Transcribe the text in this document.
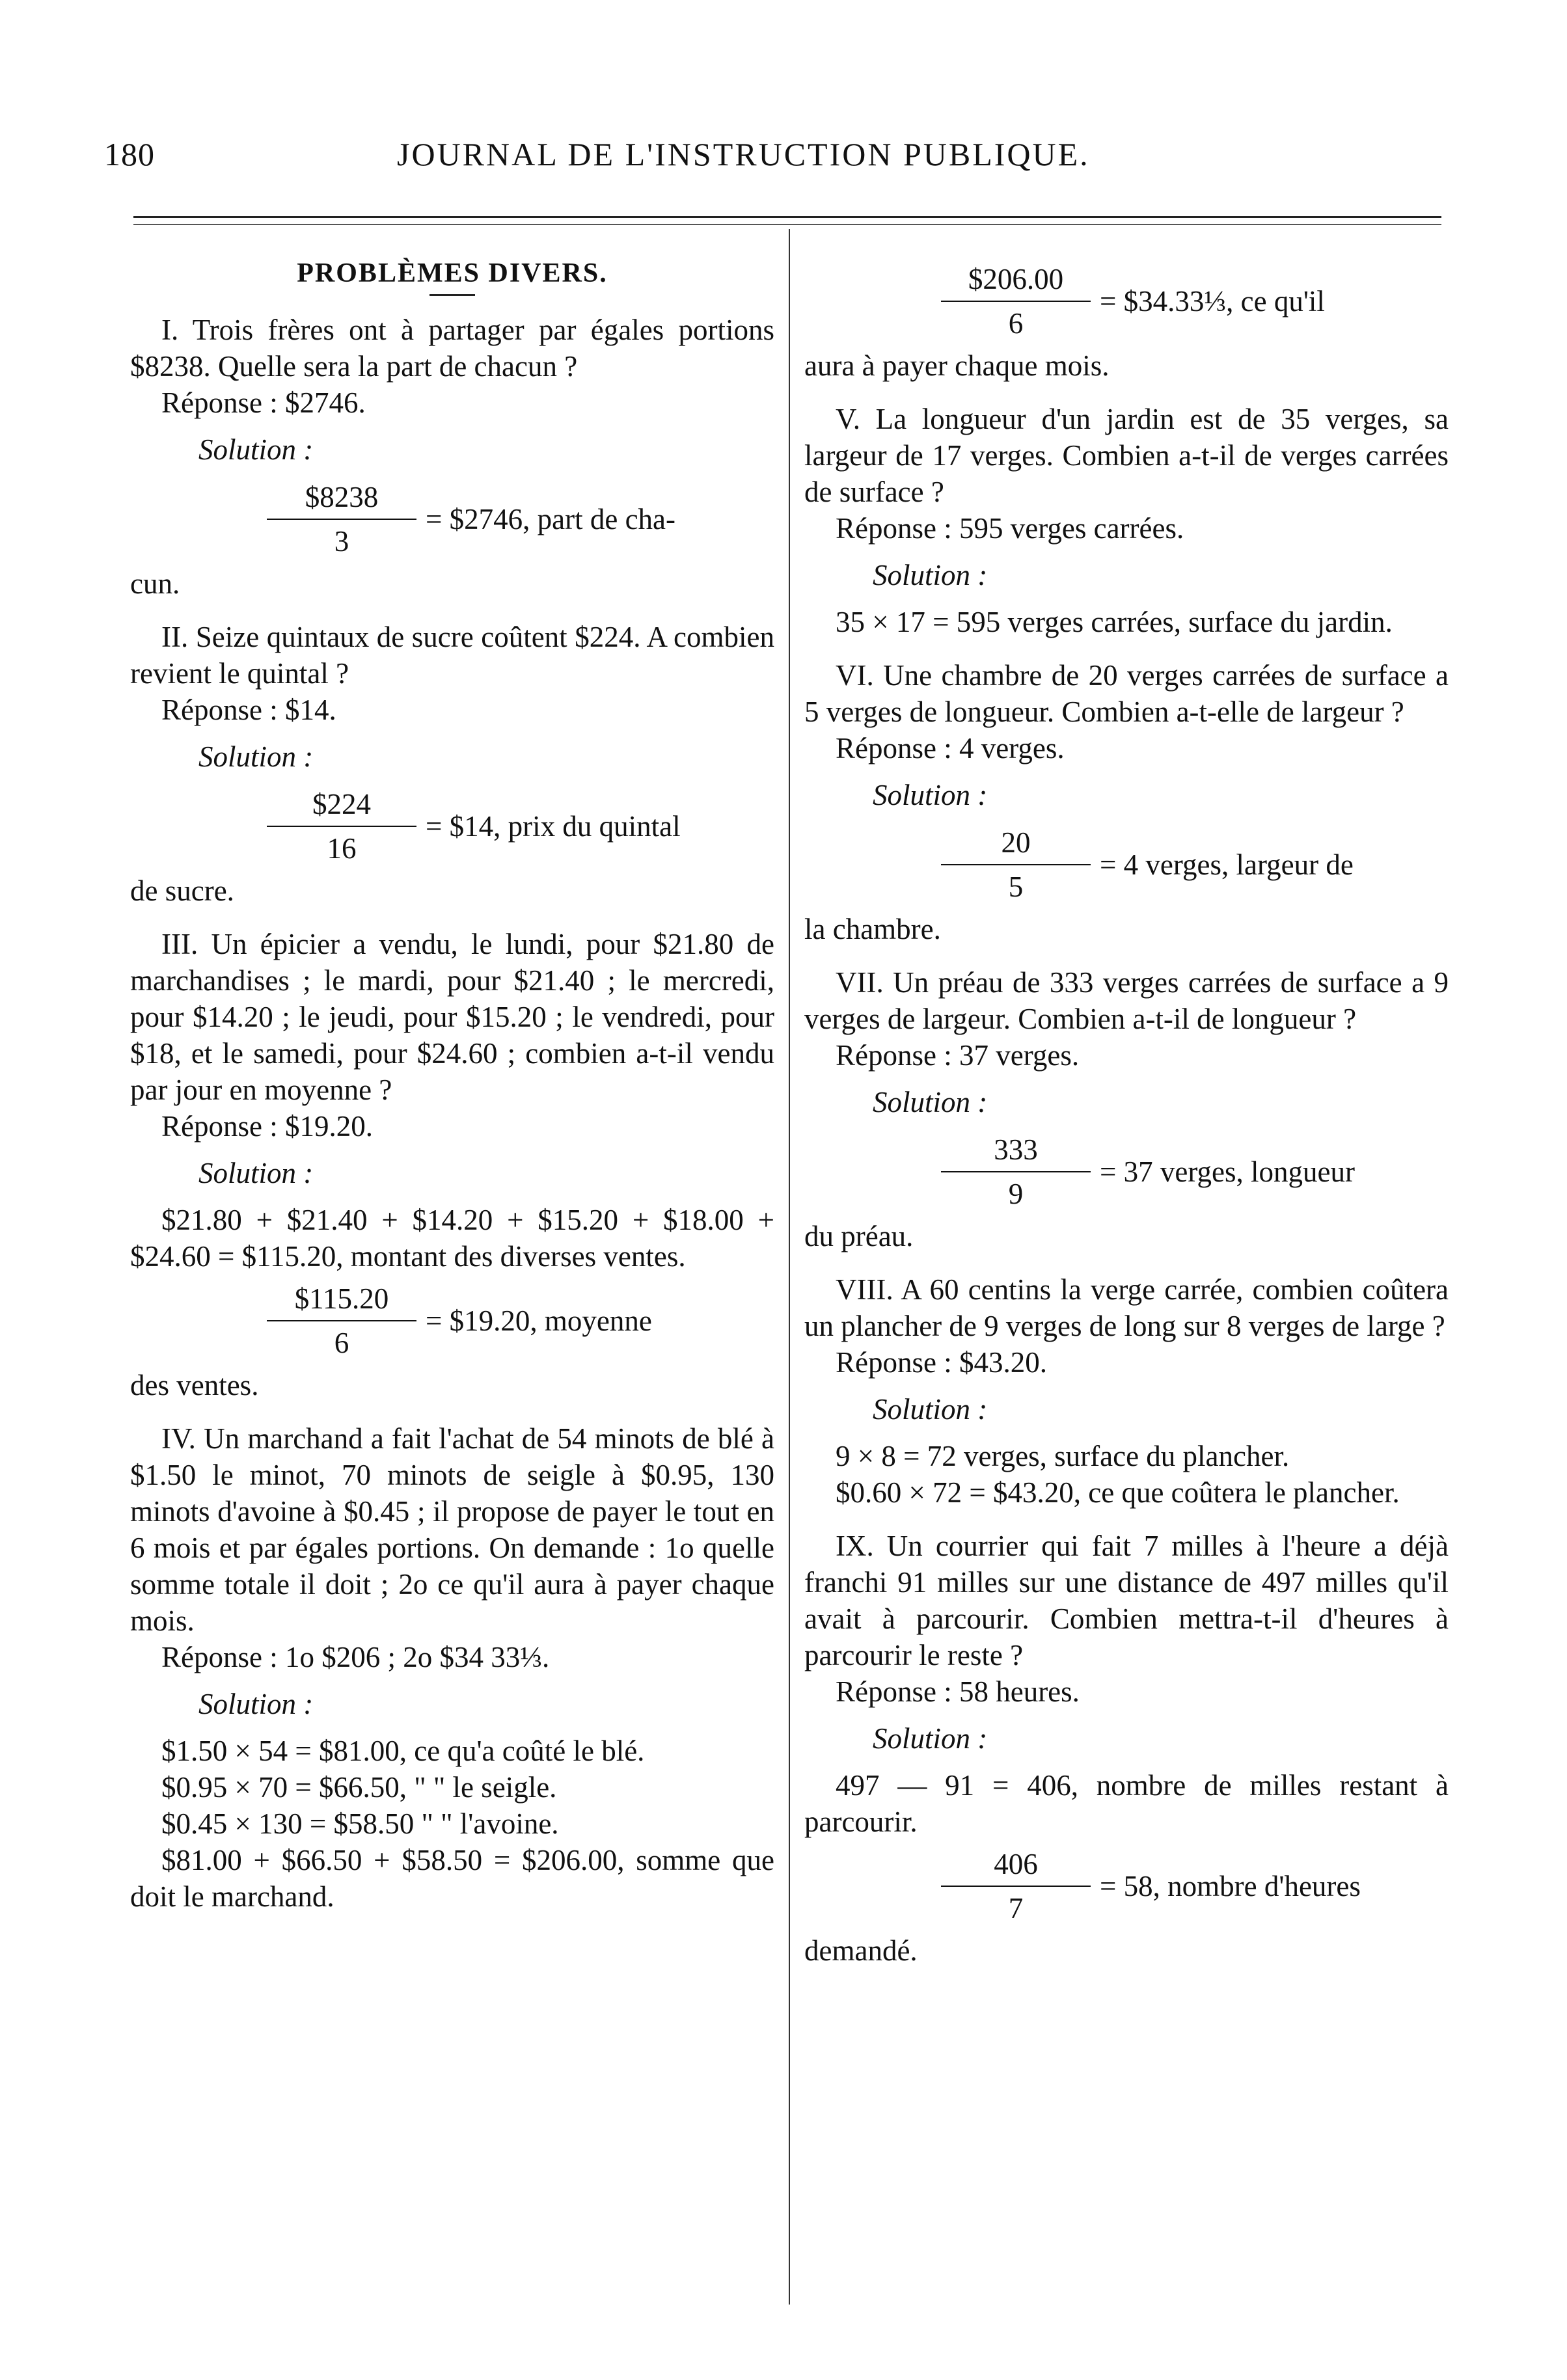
180	JOURNAL DE L'INSTRUCTION PUBLIQUE.

PROBLÈMES DIVERS.

I. Trois frères ont à partager par égales portions $8238. Quelle sera la part de chacun ?

Réponse : $2746.

Solution :

$\frac{\$8238}{3}$ = $2746, part de cha-

cun.

II. Seize quintaux de sucre coûtent $224. A combien revient le quintal ?

Réponse : $14.

Solution :

$\frac{\$224}{16}$ = $14, prix du quintal

de sucre.

III. Un épicier a vendu, le lundi, pour $21.80 de marchandises ; le mardi, pour $21.40 ; le mercredi, pour $14.20 ; le jeudi, pour $15.20 ; le vendredi, pour $18, et le samedi, pour $24.60 ; combien a-t-il vendu par jour en moyenne ?

Réponse : $19.20.

Solution :

$21.80 + $21.40 + $14.20 + $15.20 + $18.00 + $24.60 = $115.20, montant des diverses ventes.

$\frac{\$115.20}{6}$ = $19.20, moyenne

des ventes.

IV. Un marchand a fait l'achat de 54 minots de blé à $1.50 le minot, 70 minots de seigle à $0.95, 130 minots d'avoine à $0.45 ; il propose de payer le tout en 6 mois et par égales portions. On demande : 1o quelle somme totale il doit ; 2o ce qu'il aura à payer chaque mois.

Réponse : 1o $206 ; 2o $34 33⅓.

Solution :

$1.50 × 54 = $81.00, ce qu'a coûté le blé.

$0.95 × 70 = $66.50, " " le seigle.

$0.45 × 130 = $58.50 " " l'avoine.

$81.00 + $66.50 + $58.50 = $206.00, somme que doit le marchand.

$\frac{\$206.00}{6}$ = $34.33⅓, ce qu'il

aura à payer chaque mois.

V. La longueur d'un jardin est de 35 verges, sa largeur de 17 verges. Combien a-t-il de verges carrées de surface ?

Réponse : 595 verges carrées.

Solution :

35 × 17 = 595 verges carrées, surface du jardin.

VI. Une chambre de 20 verges carrées de surface a 5 verges de longueur. Combien a-t-elle de largeur ?

Réponse : 4 verges.

Solution :

$\frac{20}{5} = 4$ verges, largeur de

la chambre.

VII. Un préau de 333 verges carrées de surface a 9 verges de largeur. Combien a-t-il de longueur ?

Réponse : 37 verges.

Solution :

$\frac{333}{9} = 37$ verges, longueur

du préau.

VIII. A 60 centins la verge carrée, combien coûtera un plancher de 9 verges de long sur 8 verges de large ?

Réponse : $43.20.

Solution :

9 × 8 = 72 verges, surface du plancher.

$0.60 × 72 = $43.20, ce que coûtera le plancher.

IX. Un courrier qui fait 7 milles à l'heure a déjà franchi 91 milles sur une distance de 497 milles qu'il avait à parcourir. Combien mettra-t-il d'heures à parcourir le reste ?

Réponse : 58 heures.

Solution :

497 — 91 = 406, nombre de milles restant à parcourir.

$\frac{406}{7} = 58$, nombre d'heures

demandé.
